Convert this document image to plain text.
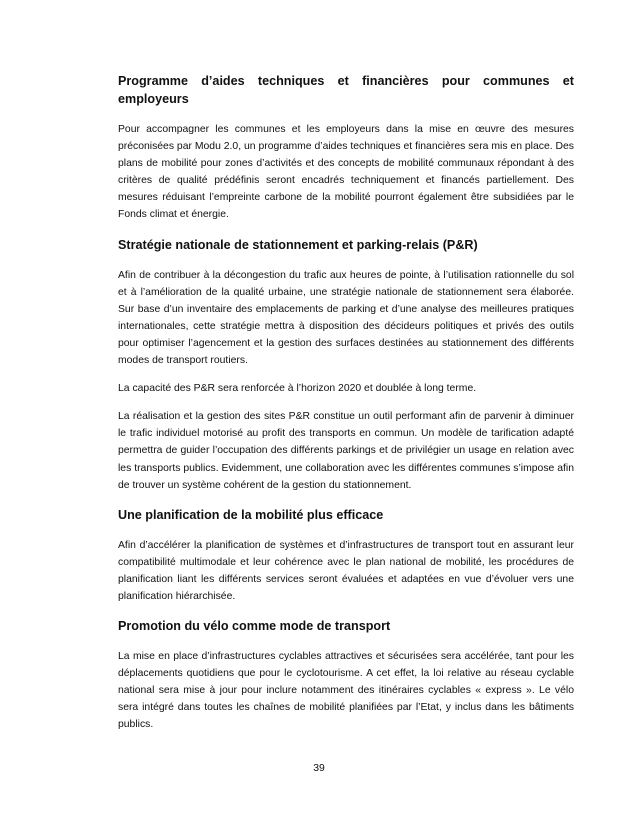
Programme d’aides techniques et financières pour communes et employeurs

Pour accompagner les communes et les employeurs dans la mise en œuvre des mesures préconisées par Modu 2.0, un programme d’aides techniques et financières sera mis en place. Des plans de mobilité pour zones d’activités et des concepts de mobilité communaux répondant à des critères de qualité prédéfinis seront encadrés techniquement et financés partiellement. Des mesures réduisant l’empreinte carbone de la mobilité pourront également être subsidiées par le Fonds climat et énergie.

Stratégie nationale de stationnement et parking-relais (P&R)

Afin de contribuer à la décongestion du trafic aux heures de pointe, à l’utilisation rationnelle du sol et à l’amélioration de la qualité urbaine, une stratégie nationale de stationnement sera élaborée. Sur base d’un inventaire des emplacements de parking et d’une analyse des meilleures pratiques internationales, cette stratégie mettra à disposition des décideurs politiques et privés des outils pour optimiser l’agencement et la gestion des surfaces destinées au stationnement des différents modes de transport routiers.

La capacité des P&R sera renforcée à l’horizon 2020 et doublée à long terme.

La réalisation et la gestion des sites P&R constitue un outil performant afin de parvenir à diminuer le trafic individuel motorisé au profit des transports en commun. Un modèle de tarification adapté permettra de guider l’occupation des différents parkings et de privilégier un usage en relation avec les transports publics. Evidemment, une collaboration avec les différentes communes s’impose afin de trouver un système cohérent de la gestion du stationnement.

Une planification de la mobilité plus efficace

Afin d’accélérer la planification de systèmes et d’infrastructures de transport tout en assurant leur compatibilité multimodale et leur cohérence avec le plan national de mobilité, les procédures de planification liant les différents services seront évaluées et adaptées en vue d’évoluer vers une planification hiérarchisée.

Promotion du vélo comme mode de transport

La mise en place d’infrastructures cyclables attractives et sécurisées sera accélérée, tant pour les déplacements quotidiens que pour le cyclotourisme. A cet effet, la loi relative au réseau cyclable national sera mise à jour pour inclure notamment des itinéraires cyclables « express ». Le vélo sera intégré dans toutes les chaînes de mobilité planifiées par l’Etat, y inclus dans les bâtiments publics.

39
